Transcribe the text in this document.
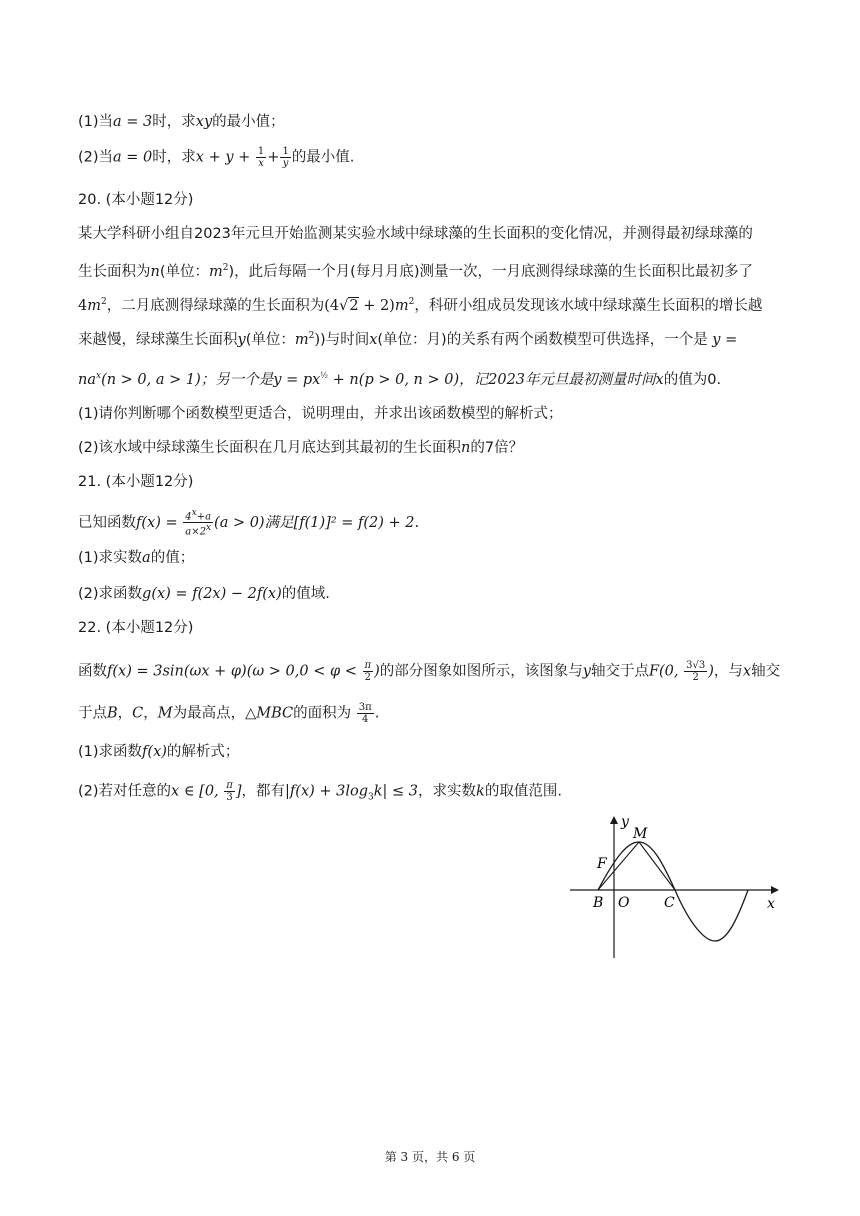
(1)当a = 3时，求xy的最小值；
(2)当a = 0时，求$x + y + \frac{1}{x} + \frac{1}{y}$ 的最小值.
20. (本小题12分)
某大学科研小组自2023年元旦开始监测某实验水域中绿球藻的生长面积的变化情况，并测得最初绿球藻的
生长面积为n(单位：$m^2$)，此后每隔一个月(每月月底)测量一次，一月底测得绿球藻的生长面积比最初多了
$4m^2$，二月底测得绿球藻的生长面积为$(4√2 + 2)m^2$，科研小组成员发现该水域中绿球藻生长面积的增长越
来越慢，绿球藻生长面积y(单位：$m^2$))与时间x(单位：月)的关系有两个函数模型可供选择，一个是 y =
$na^x(n > 0$, a > 1)；另一个是$y = px^{\frac{1}{2}} + n(p > 0$, n > 0)，记2023年元旦最初测量时间x的值为0.
(1)请你判断哪个函数模型更适合，说明理由，并求出该函数模型的解析式；
(2)该水域中绿球藻生长面积在几月底达到其最初的生长面积n的7倍？
21. (本小题12分)
已知函数$f(x) = \frac{4^x+a}{a\times 2^x} (a > 0)$满足[f(1)]² = f(2) + 2.
(1)求实数a的值；
(2)求函数g(x) = f(2x) − 2f(x)的值域.
22. (本小题12分)
函数$f(x) = 3\sin(\omega x + \varphi)(\omega > 0,0 < \varphi < \frac{\pi}{2}$ )的部分图象如图所示，该图象与y轴交于点F(0, $\frac{3√3}{2}$ )，与x轴交
于点B，C，M为最高点，△MBC的面积为 $\frac{3\pi}{4}$ .
(1)求函数f(x)的解析式；
(2)若对任意的x ∈ [0, $\frac{\pi}{3}$ ]，都有$|f(x) + 3\log_3k| \le 3$，求实数k的取值范围.
y
x
M
F
B O C
第 3 页，共 6 页
